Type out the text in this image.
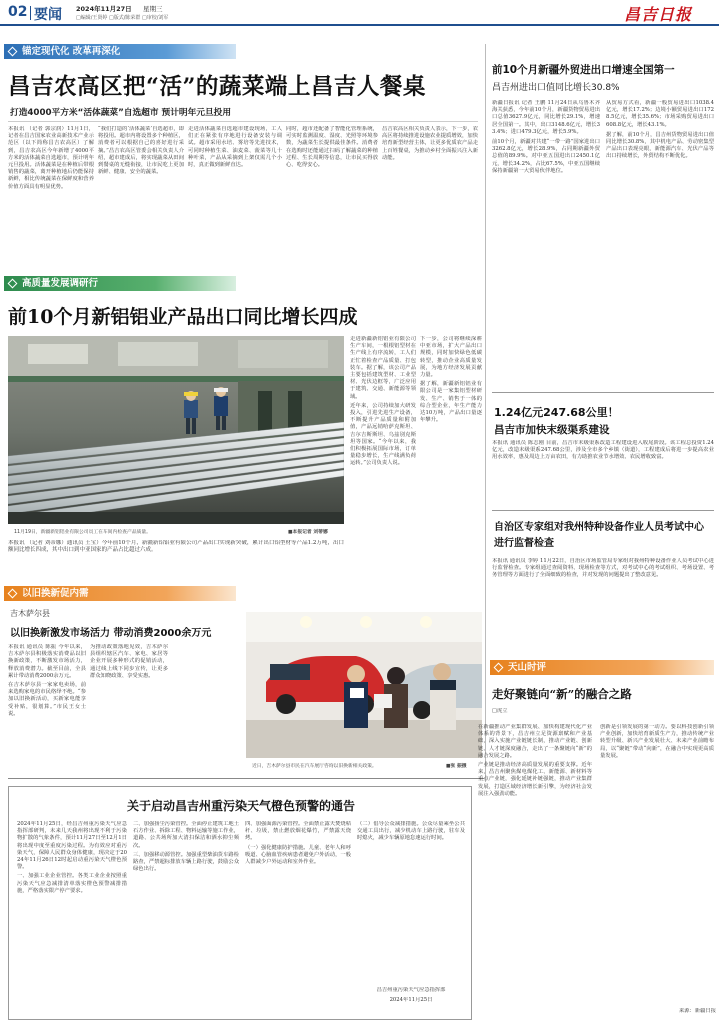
02 要闻 2024年11月27日 星期三
□编辑/王贤婷 □版式/陈荣群 □审校/刘军	昌吉日报
锚定现代化 改革再深化
昌吉农高区把“活”的蔬菜端上昌吉人餐桌
打造4000平方米“活体蔬菜”自选超市 预计明年元旦投用

本报讯 （记者 郭宗润）11月1日，记者在昌吉国家农业高新技术产业示范区（以下简称昌吉农高区）了解到，昌吉农高区今年新增了4000平方米的活体蔬菜自选超市，预计明年元旦投用。活体蔬菜是在种植后带根销售的蔬菜，离开种植地后仍能保持新鲜，相比传统蔬菜在保鲜度和营养价值方面具有明显优势。

“我们打造的‘活体蔬菜’自选超市，即将投用。超市内将设置多个种植区，消费者可以根据自己的喜好进行采摘。”昌吉农高区管委会相关负责人介绍，超市建成后，将实现蔬菜从田间到餐桌的无缝衔接，让市民吃上更加新鲜、健康、安全的蔬菜。

走进活体蔬菜自选超市建设现场，工人们正在紧张有序地进行设备安装与调试。超市采用水培、雾培等先进技术，可同时种植生菜、油麦菜、菠菜等几十种叶菜，产品从采摘到上架仅需几个小时，真正做到新鲜直达。

同时，超市还配备了智能化管理系统，可实时监测温度、湿度、光照等环境参数，为蔬菜生长提供最佳条件。消费者在选购时还能通过扫码了解蔬菜的种植过程、生长周期等信息，让市民买得放心、吃得安心。

昌吉农高区相关负责人表示，下一步，农高区将持续推进设施农业提质增效，加快培育新型经营主体，让更多优质农产品走上百姓餐桌，为推动乡村全面振兴注入新动能。

前10个月新疆外贸进出口增速全国第一
昌吉州进出口值同比增长30.8%

新疆日报讯 记者 王鹏 11月24日从乌鲁木齐海关获悉，今年前10个月，新疆货物贸易进出口总值3627.9亿元，同比增长29.1%，增速居全国第一。其中，出口3148.6亿元，增长33.4%；进口479.3亿元，增长5.9%。

前10个月，新疆对共建“一带一路”国家进出口3262.8亿元，增长28.9%，占同期新疆外贸总值的89.9%。对中亚五国进出口2450.1亿元，增长34.2%，占比67.5%，中亚五国继续保持新疆第一大贸易伙伴地位。

从贸易方式看，新疆一般贸易进出口1038.4亿元，增长17.2%；边境小额贸易进出口1728.5亿元，增长35.6%；市场采购贸易进出口608.8亿元，增长43.1%。

据了解，前10个月，昌吉州货物贸易进出口值同比增长30.8%，其中机电产品、劳动密集型产品出口表现亮眼，新能源汽车、光伏产品等出口持续增长，外贸结构不断优化。

高质量发展调研行
前10个月新铝铝业产品出口同比增长四成
11月19日，新疆新铝铝业有限公司员工在车间内检查产品质量。	■本报记者 刘蒂娜

本报讯 （记者 刘蒂娜）通讯员 王宝）今年前10个月，新疆新铝铝业有限公司产品出口实现新突破，累计出口铝型材等产品1.2万吨，出口额同比增长四成，其中出口到中亚国家的产品占比超过六成。

走进新疆新铝铝业有限公司生产车间，一根根铝型材在生产线上有序流转，工人们正忙着检查产品质量、打包装车。据了解，该公司产品主要包括建筑型材、工业型材、光伏边框等，广泛应用于建筑、交通、新能源等领域。

近年来，公司持续加大研发投入，引进先进生产设备，不断提升产品质量和附加值，产品远销哈萨克斯坦、吉尔吉斯斯坦、乌兹别克斯坦等国家。“今年以来，我们积极拓展国际市场，订单量稳步增长，生产线满负荷运转。”公司负责人说。

下一步，公司将继续深耕中亚市场，扩大产品出口规模，同时加快绿色低碳转型，推动企业高质量发展，为地方经济发展贡献力量。

据了解，新疆新铝铝业有限公司是一家集铝型材研发、生产、销售于一体的综合型企业，年生产能力达10万吨，产品出口量逐年攀升。

1.24亿元247.68公里！
昌吉市加快末级渠系建设

本报讯 通讯员 陈志刚 目前，昌吉市末级渠系改造工程建设进入收尾阶段。该工程总投资1.24亿元，改造末级渠系247.68公里，涉及全市多个乡镇（街道），工程建成后将进一步提高农业用水效率，惠及周边上万亩农田，有力助推农业节水增效、农民增收致富。

自治区专家组对我州特种设备作业人员考试中心进行监督检查

本报讯 通讯员 李婷 11月22日，自治区市场监管局专家组对我州特种设备作业人员考试中心进行监督检查。专家组通过查阅资料、现场检查等方式，对考试中心的考试组织、考场设置、考务管理等方面进行了全面细致的检查，并对发现的问题提出了整改意见。

以旧换新促内需
吉木萨尔县
以旧换新激发市场活力 带动消费2000余万元

本报讯 通讯员 陈振 今年以来，吉木萨尔县积极落实消费品以旧换新政策，不断激发市场活力，释放消费潜力。截至目前，全县累计带动消费2000余万元。

在吉木萨尔县一家家电卖场，前来选购家电的市民络绎不绝。“参加以旧换新活动，买新家电能享受补贴，很划算。”市民王女士说。

为推动政策落地见效，吉木萨尔县组织辖区汽车、家电、家居等企业开展多种形式的促销活动，通过线上线下同步宣传，让更多群众知晓政策、享受实惠。

近日，吉木萨尔县市民在汽车展厅咨询以旧换新相关政策。	■张 振摄
天山时评
关于启动昌吉州重污染天气橙色预警的通告

2024年11月25日，经昌吉州重污染天气应急指挥部研判，未来几天我州将出现不利于污染物扩散的气象条件，预计11月27日至12月1日将出现中度至重度污染过程。为有效应对重污染天气，保障人民群众身体健康，现决定于2024年11月26日12时起启动重污染天气橙色预警。

一、加强工业企业管控。各类工业企业按照重污染天气应急减排清单落实橙色预警减排措施，严格落实限产停产要求。

二、加强扬尘污染管控。全面停止建筑工地土石方作业、拆除工程、物料运输等施工作业，道路、公共场所加大清扫保洁和洒水抑尘频次。

三、加强移动源管控。加强重型柴油货车路检路查，严禁超标排放车辆上路行驶，鼓励公众绿色出行。

四、加强面源污染管控。全面禁止露天焚烧秸秆、垃圾，禁止燃放烟花爆竹，严禁露天烧烤。

（一）强化健康防护措施。儿童、老年人和呼吸道、心脑血管疾病患者避免户外活动，一般人群减少户外运动和室外作业。

（二）倡导公众减排措施。公众尽量乘坐公共交通工具出行，减少机动车上路行驶，驻车及时熄火，减少车辆原地怠速运行时间。

昌吉州重污染天气应急指挥部
2024年11月25日
走好聚链向“新”的融合之路
□虎立

在新疆推动产业集群发展、加快构建现代化产业体系的背景下，昌吉州立足资源禀赋和产业基础，深入实施产业链链长制，推动产业链、创新链、人才链深度融合，走出了一条聚链向“新”的融合发展之路。

产业链是推动经济高质量发展的重要支撑。近年来，昌吉州聚焦煤电煤化工、新能源、新材料等重点产业链，强化延链补链强链，推动产业集群发展，打造区域经济增长新引擎，为经济社会发展注入强劲动能。

创新是引领发展的第一动力。要以科技创新引领产业创新，加快培育新质生产力，推动传统产业转型升级、新兴产业发展壮大、未来产业前瞻布局，以“聚链”带动“向新”，在融合中实现更高质量发展。

来源：新疆日报
